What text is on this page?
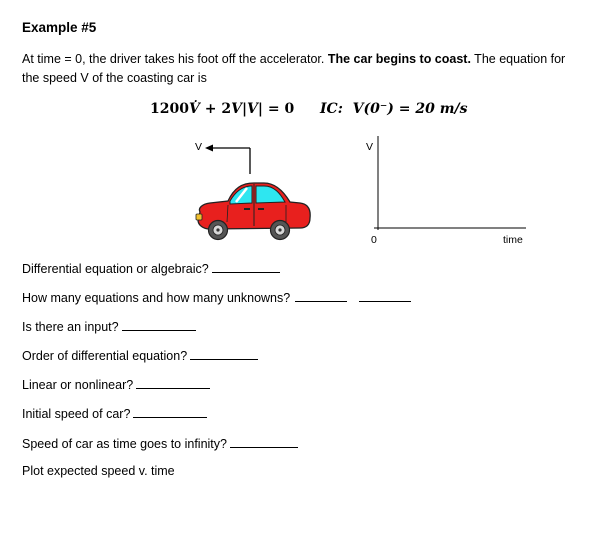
Example #5
At time = 0, the driver takes his foot off the accelerator. The car begins to coast. The equation for the speed V of the coasting car is
1200V̇ + 2V|V| = 0 IC: V(0⁻) = 20 m/s
V	V
0	time
Differential equation or algebraic?
How many equations and how many unknowns?
Is there an input?
Order of differential equation?
Linear or nonlinear?
Initial speed of car?
Speed of car as time goes to infinity?
Plot expected speed v. time
